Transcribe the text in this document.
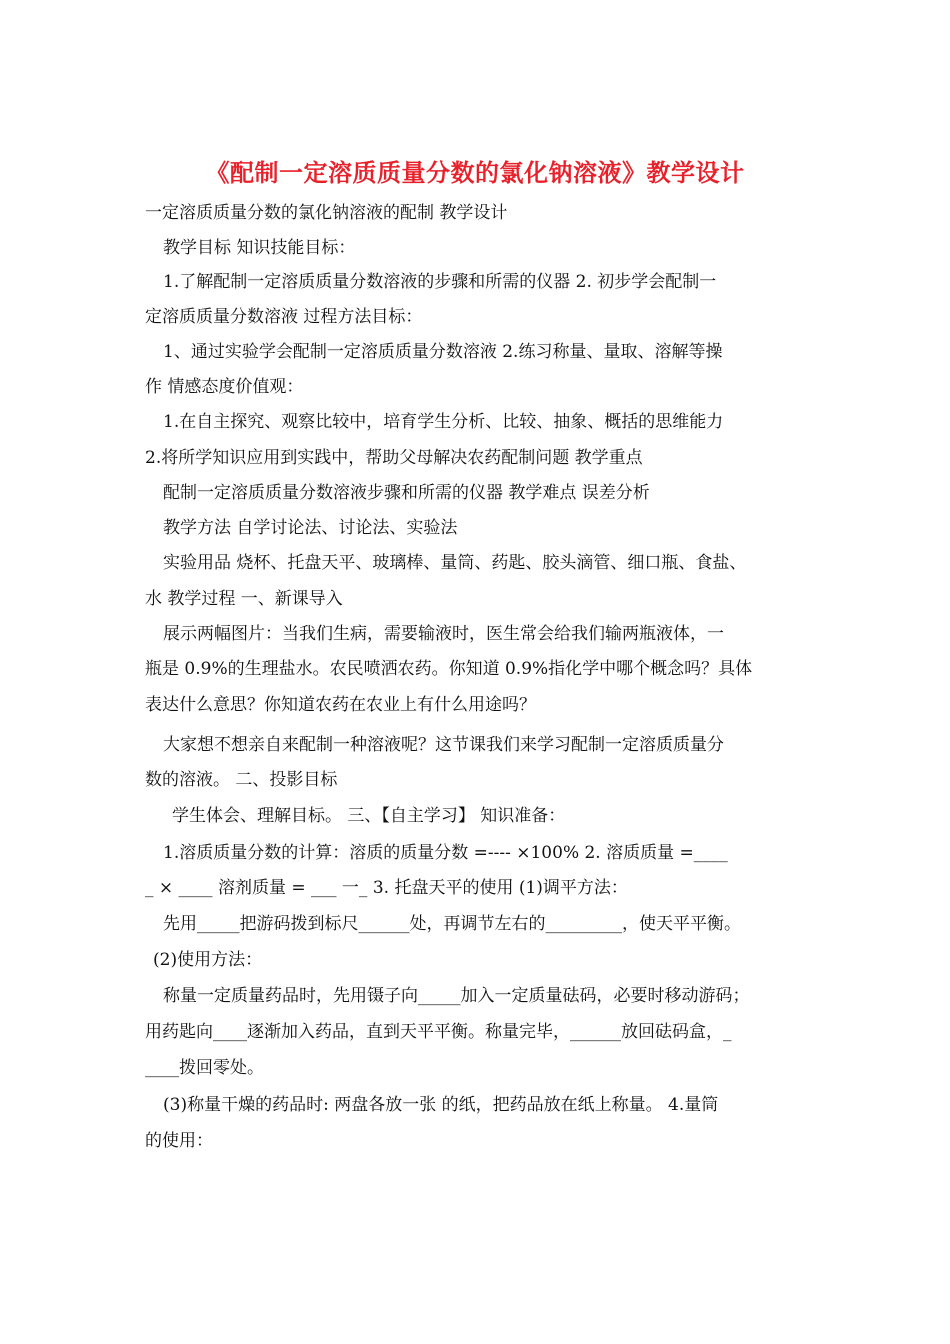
《配制一定溶质质量分数的氯化钠溶液》教学设计
一定溶质质量分数的氯化钠溶液的配制 教学设计
教学目标 知识技能目标：
1.了解配制一定溶质质量分数溶液的步骤和所需的仪器 2. 初步学会配制一
定溶质质量分数溶液 过程方法目标：
1、通过实验学会配制一定溶质质量分数溶液 2.练习称量、量取、溶解等操
作 情感态度价值观：
1.在自主探究、观察比较中，培育学生分析、比较、抽象、概括的思维能力
2.将所学知识应用到实践中，帮助父母解决农药配制问题 教学重点
配制一定溶质质量分数溶液步骤和所需的仪器 教学难点 误差分析
教学方法 自学讨论法、讨论法、实验法
实验用品 烧杯、托盘天平、玻璃棒、量筒、药匙、胶头滴管、细口瓶、食盐、
水 教学过程 一、新课导入
展示两幅图片：当我们生病，需要输液时，医生常会给我们输两瓶液体，一
瓶是 0.9%的生理盐水。农民喷洒农药。你知道 0.9%指化学中哪个概念吗？具体
表达什么意思？你知道农药在农业上有什么用途吗？
大家想不想亲自来配制一种溶液呢？这节课我们来学习配制一定溶质质量分
数的溶液。 二、投影目标
学生体会、理解目标。 三、【自主学习】 知识准备：
1.溶质质量分数的计算：溶质的质量分数 =---- ×100% 2. 溶质质量 =____
_ × ____ 溶剂质量 = ___ 一_ 3. 托盘天平的使用 (1)调平方法：
先用_____把游码拨到标尺______处，再调节左右的_________，使天平平衡。
(2)使用方法：
称量一定质量药品时，先用镊子向_____加入一定质量砝码，必要时移动游码；
用药匙向____逐渐加入药品，直到天平平衡。称量完毕，______放回砝码盒，_
____拨回零处。
(3)称量干燥的药品时: 两盘各放一张 的纸，把药品放在纸上称量。 4.量筒
的使用：
